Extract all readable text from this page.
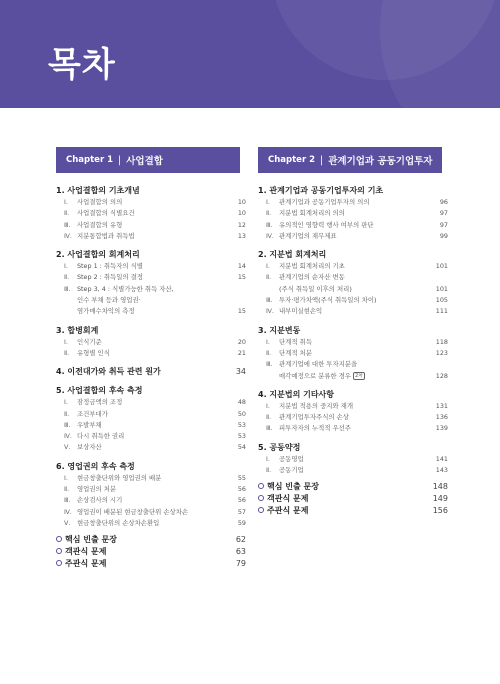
목차
Chapter 1 | 사업결합
1. 사업결합의 기초개념
Ⅰ. 사업결합의 의의	10
Ⅱ. 사업결합의 식별요건	10
Ⅲ. 사업결합의 유형	12
Ⅳ. 지분통합법과 취득법	13
2. 사업결합의 회계처리
Ⅰ. Step 1 : 취득자의 식별	14
Ⅱ. Step 2 : 취득일의 결정	15
Ⅲ. Step 3, 4 : 식별가능한 취득 자산,
인수 부채 등과 영업권·
염가매수차익의 측정	15
3. 합병회계
Ⅰ. 인식기준	20
Ⅱ. 유형별 인식	21
4. 이전대가와 취득 관련 원가	34
5. 사업결합의 후속 측정
Ⅰ. 잠정금액의 조정	48
Ⅱ. 조건부대가	50
Ⅲ. 우발부채	53
Ⅳ. 다시 취득한 권리	53
Ⅴ. 보상자산	54
6. 영업권의 후속 측정
Ⅰ. 현금창출단위와 영업권의 배분	55
Ⅱ. 영업권의 처분	56
Ⅲ. 손상검사의 시기	56
Ⅳ. 영업권이 배분된 현금창출단위 손상차손	57
Ⅴ. 현금창출단위의 손상차손환입	59
핵심 빈출 문장	62
객관식 문제	63
주관식 문제	79
Chapter 2 | 관계기업과 공동기업투자
1. 관계기업과 공동기업투자의 기초
Ⅰ. 관계기업과 공동기업투자의 의의	96
Ⅱ. 지분법 회계처리의 의의	97
Ⅲ. 유의적인 영향력 행사 여부의 판단	97
Ⅳ. 관계기업의 재무제표	99
2. 지분법 회계처리
Ⅰ. 지분법 회계처리의 기초	101
Ⅱ. 관계기업의 순자산 변동
(주식 취득일 이후의 처리)	101
Ⅲ. 투자·평가차액(주식 취득일의 차이)	105
Ⅳ. 내부미실현손익	111
3. 지분변동
Ⅰ. 단계적 취득	118
Ⅱ. 단계적 처분	123
Ⅲ. 관계기업에 대한 투자지분을
매각예정으로 분류한 경우 2차	128
4. 지분법의 기타사항
Ⅰ. 지분법 적용의 중지와 재개	131
Ⅱ. 관계기업투자주식의 손상	136
Ⅲ. 피투자자의 누적적 우선주	139
5. 공동약정
Ⅰ. 공동영업	141
Ⅱ. 공동기업	143
핵심 빈출 문장	148
객관식 문제	149
주관식 문제	156
